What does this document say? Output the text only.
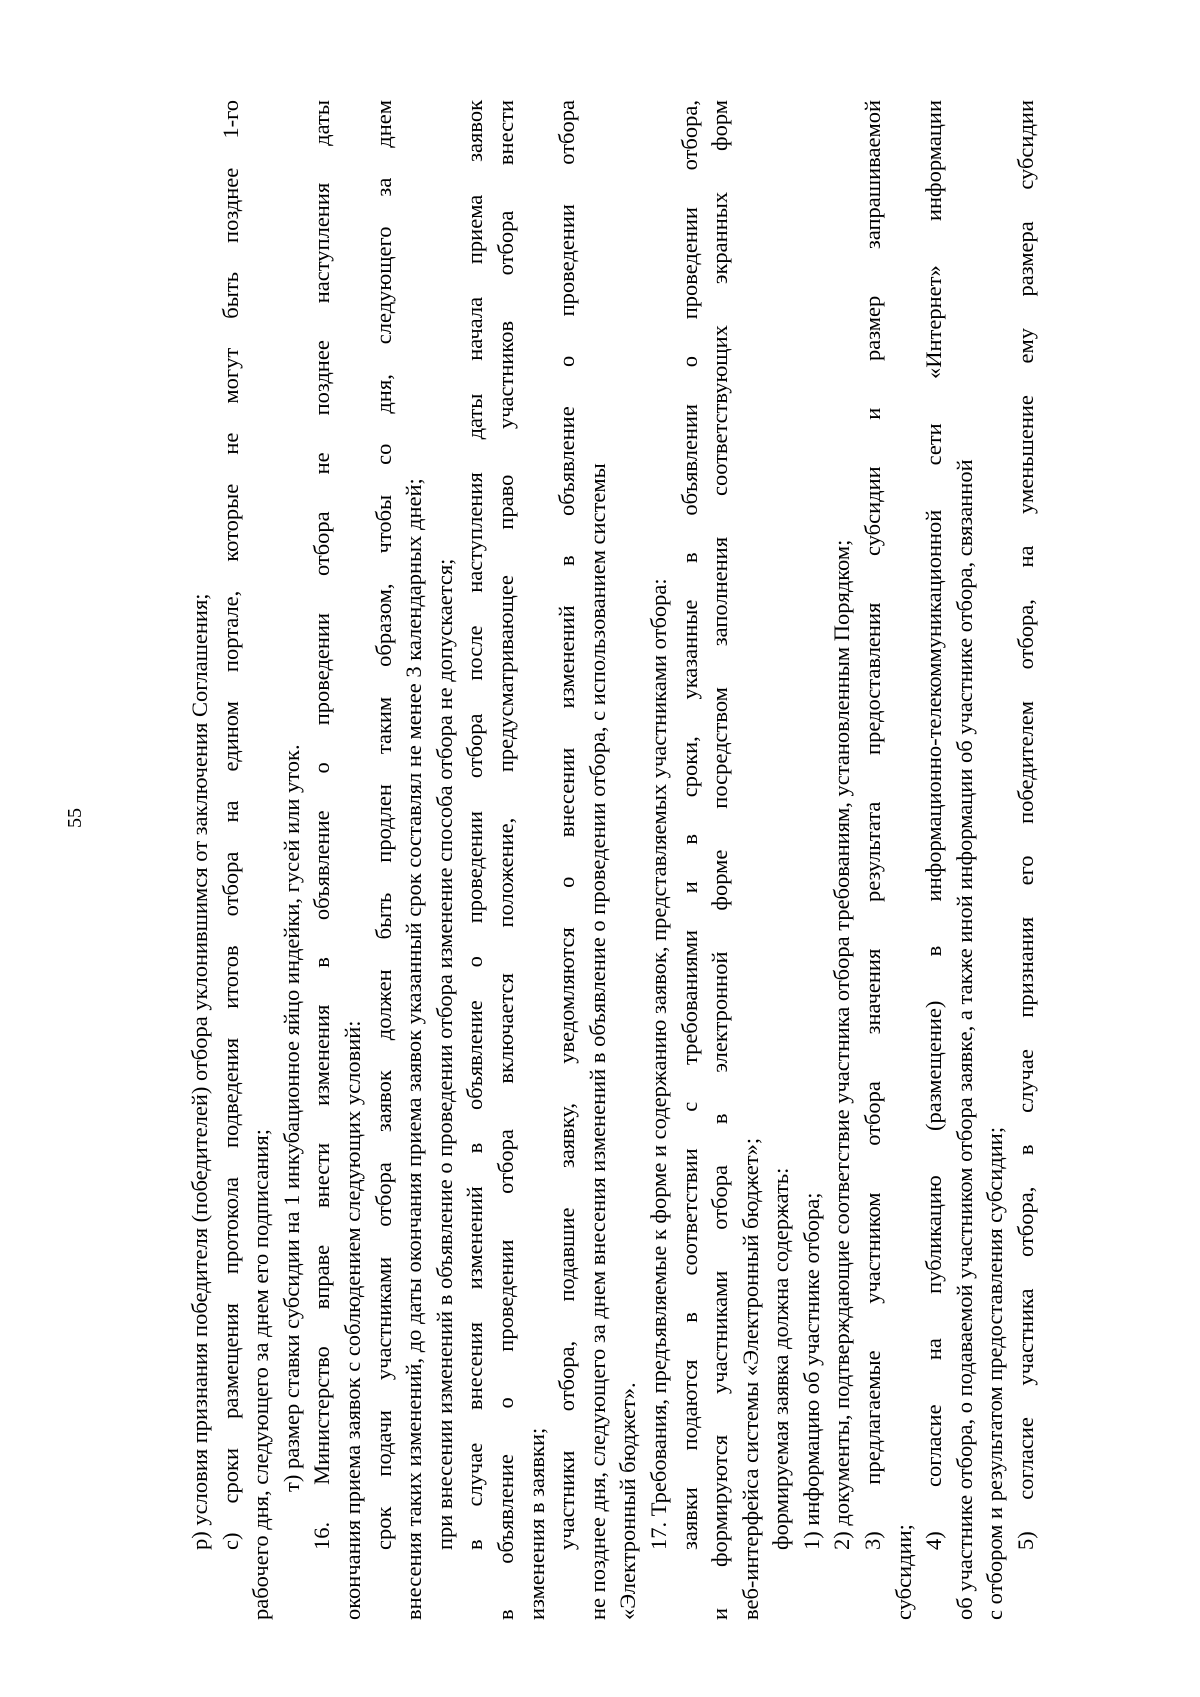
55	р) условия признания победителя (победителей) отбора уклонившимся от заключения Соглашения; с) сроки размещения протокола подведения итогов отбора на едином портале, которые не могут быть позднее 1-го рабочего дня, следующего за днем его подписания; т) размер ставки субсидии на 1 инкубационное яйцо индейки, гусей или уток. 16. Министерство вправе внести изменения в объявление о проведении отбора не позднее наступления даты окончания приема заявок с соблюдением следующих условий: срок подачи участниками отбора заявок должен быть продлен таким образом, чтобы со дня, следующего за днем внесения таких изменений, до даты окончания приема заявок указанный срок составлял не менее 3 календарных дней; при внесении изменений в объявление о проведении отбора изменение способа отбора не допускается; в случае внесения изменений в объявление о проведении отбора после наступления даты начала приема заявок в объявление о проведении отбора включается положение, предусматривающее право участников отбора внести изменения в заявки; участники отбора, подавшие заявку, уведомляются о внесении изменений в объявление о проведении отбора не позднее дня, следующего за днем внесения изменений в объявление о проведении отбора, с использованием системы «Электронный бюджет». 17. Требования, предъявляемые к форме и содержанию заявок, представляемых участниками отбора: заявки подаются в соответствии с требованиями и в сроки, указанные в объявлении о проведении отбора, и формируются участниками отбора в электронной форме посредством заполнения соответствующих экранных форм веб-интерфейса системы «Электронный бюджет»; формируемая заявка должна содержать: 1) информацию об участнике отбора; 2) документы, подтверждающие соответствие участника отбора требованиям, установленным Порядком; 3) предлагаемые участником отбора значения результата предоставления субсидии и размер запрашиваемой
субсидии;
4) согласие на публикацию (размещение) в информационно-телекоммуникационной сети «Интернет» информации об участнике отбора, о подаваемой участником отбора заявке, а также иной информации об участнике отбора, связанной с отбором и результатом предоставления субсидии; 5) согласие участника отбора, в случае признания его победителем отбора, на уменьшение ему размера субсидии
